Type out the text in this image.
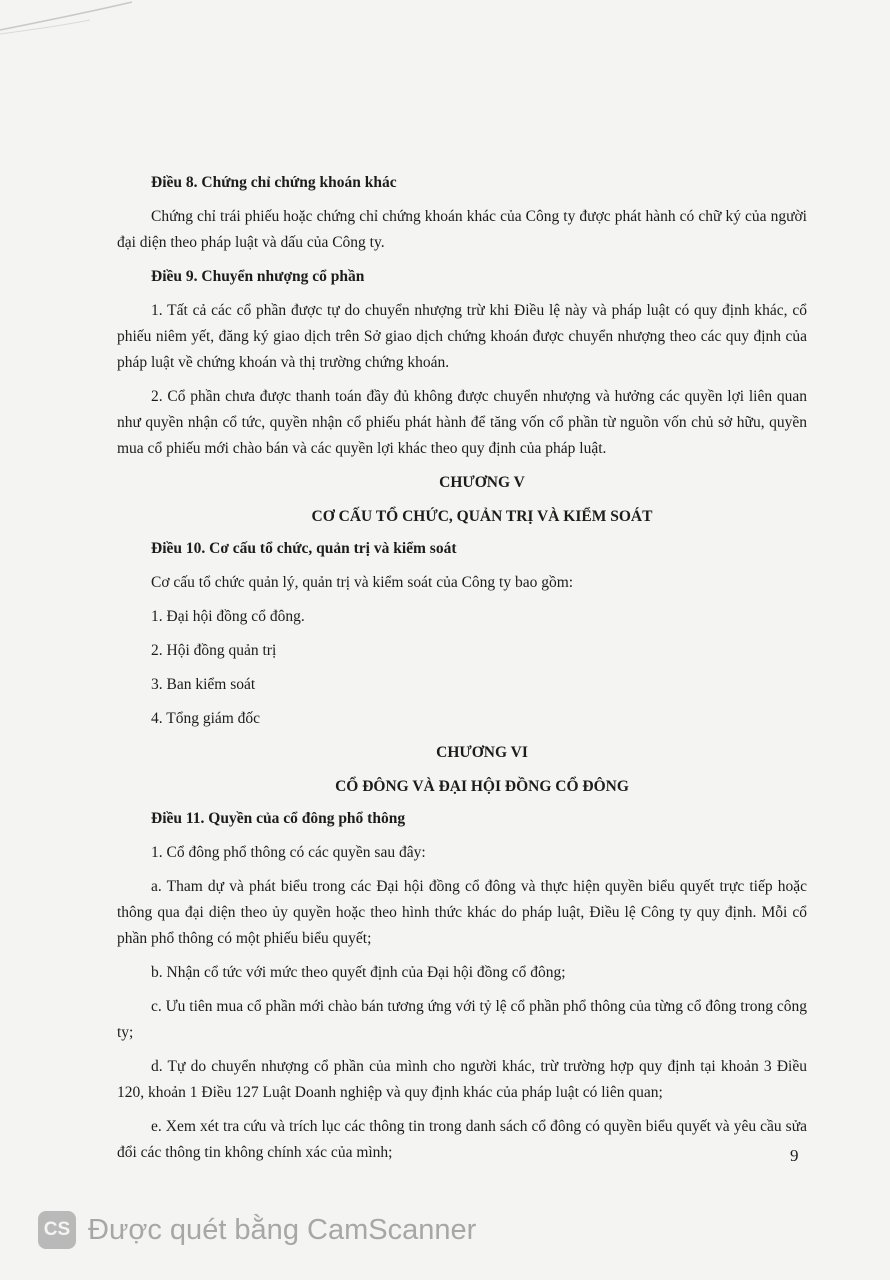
Điều 8. Chứng chỉ chứng khoán khác

Chứng chỉ trái phiếu hoặc chứng chỉ chứng khoán khác của Công ty được phát hành có chữ ký của người đại diện theo pháp luật và dấu của Công ty.

Điều 9. Chuyển nhượng cổ phần

1. Tất cả các cổ phần được tự do chuyển nhượng trừ khi Điều lệ này và pháp luật có quy định khác, cổ phiếu niêm yết, đăng ký giao dịch trên Sở giao dịch chứng khoán được chuyển nhượng theo các quy định của pháp luật về chứng khoán và thị trường chứng khoán.

2. Cổ phần chưa được thanh toán đầy đủ không được chuyển nhượng và hưởng các quyền lợi liên quan như quyền nhận cổ tức, quyền nhận cổ phiếu phát hành để tăng vốn cổ phần từ nguồn vốn chủ sở hữu, quyền mua cổ phiếu mới chào bán và các quyền lợi khác theo quy định của pháp luật.

CHƯƠNG V

CƠ CẤU TỔ CHỨC, QUẢN TRỊ VÀ KIỂM SOÁT

Điều 10. Cơ cấu tổ chức, quản trị và kiểm soát

Cơ cấu tổ chức quản lý, quản trị và kiểm soát của Công ty bao gồm:

1. Đại hội đồng cổ đông.

2. Hội đồng quản trị

3. Ban kiểm soát

4. Tổng giám đốc

CHƯƠNG VI

CỔ ĐÔNG VÀ ĐẠI HỘI ĐỒNG CỔ ĐÔNG

Điều 11. Quyền của cổ đông phổ thông

1. Cổ đông phổ thông có các quyền sau đây:

a. Tham dự và phát biểu trong các Đại hội đồng cổ đông và thực hiện quyền biểu quyết trực tiếp hoặc thông qua đại diện theo ủy quyền hoặc theo hình thức khác do pháp luật, Điều lệ Công ty quy định. Mỗi cổ phần phổ thông có một phiếu biểu quyết;

b. Nhận cổ tức với mức theo quyết định của Đại hội đồng cổ đông;

c. Ưu tiên mua cổ phần mới chào bán tương ứng với tỷ lệ cổ phần phổ thông của từng cổ đông trong công ty;

d. Tự do chuyển nhượng cổ phần của mình cho người khác, trừ trường hợp quy định tại khoản 3 Điều 120, khoản 1 Điều 127 Luật Doanh nghiệp và quy định khác của pháp luật có liên quan;

e. Xem xét tra cứu và trích lục các thông tin trong danh sách cổ đông có quyền biểu quyết và yêu cầu sửa đổi các thông tin không chính xác của mình;	9
CS Được quét bằng CamScanner
